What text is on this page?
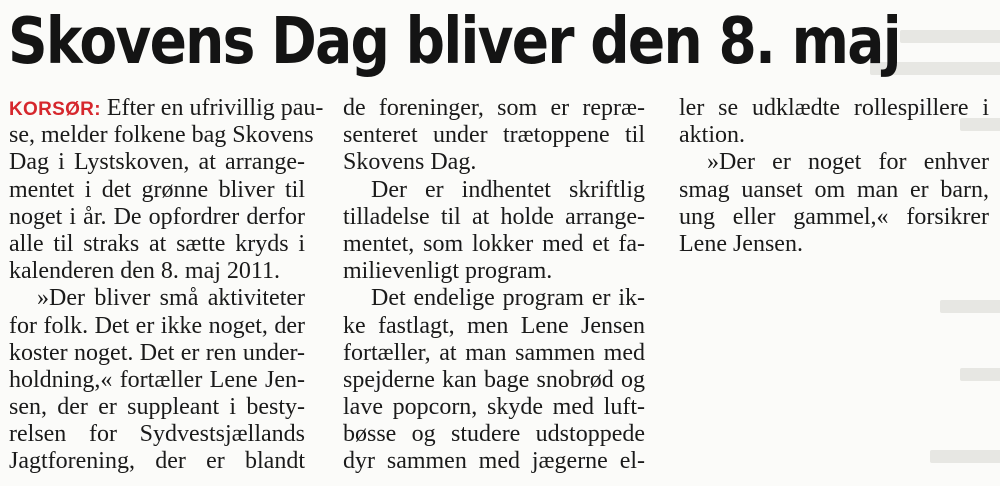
Skovens Dag bliver den 8. maj

KORSØR: Efter en ufrivillig pau-
se, melder folkene bag Skovens
Dag i Lystskoven, at arrange-
mentet i det grønne bliver til
noget i år. De opfordrer derfor
alle til straks at sætte kryds i
kalenderen den 8. maj 2011.

»Der bliver små aktiviteter
for folk. Det er ikke noget, der
koster noget. Det er ren under-
holdning,« fortæller Lene Jen-
sen, der er suppleant i besty-
relsen for Sydvestsjællands
Jagtforening, der er blandt

de foreninger, som er repræ-
senteret under trætoppene til
Skovens Dag.

Der er indhentet skriftlig
tilladelse til at holde arrange-
mentet, som lokker med et fa-
milievenligt program.

Det endelige program er ik-
ke fastlagt, men Lene Jensen
fortæller, at man sammen med
spejderne kan bage snobrød og
lave popcorn, skyde med luft-
bøsse og studere udstoppede
dyr sammen med jægerne el-

ler se udklædte rollespillere i
aktion.

»Der er noget for enhver
smag uanset om man er barn,
ung eller gammel,« forsikrer
Lene Jensen.
